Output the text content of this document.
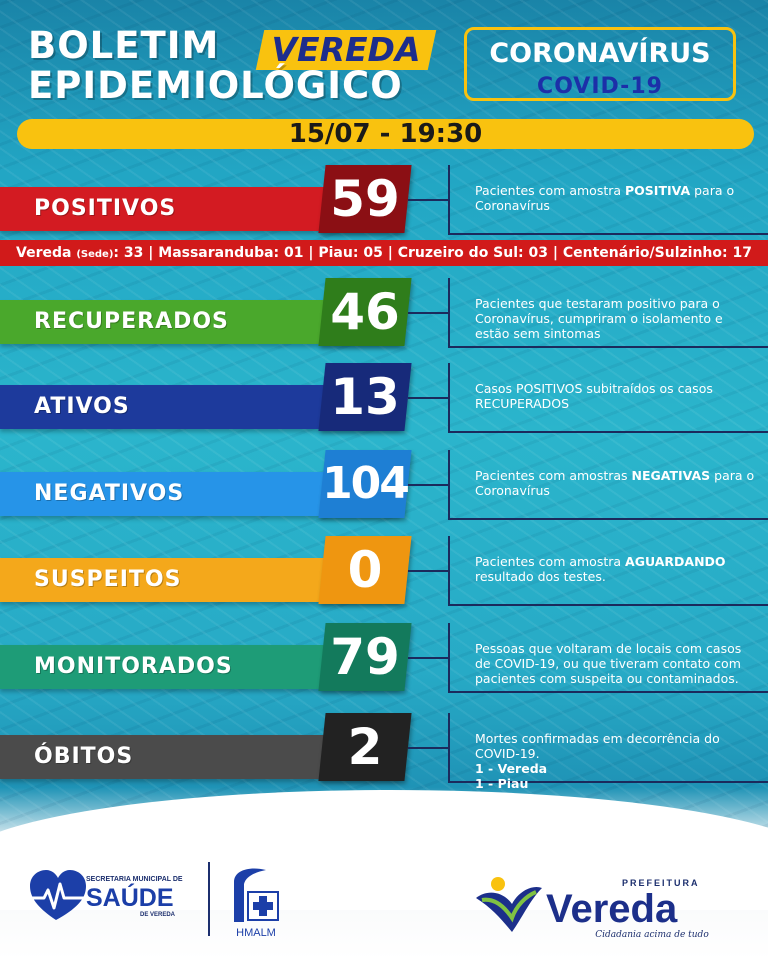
BOLETIM	VEREDA
EPIDEMIOLÓGICO
CORONAVÍRUS
COVID-19
15/07 - 19:30
POSITIVOS	59	Pacientes com amostra POSITIVA para o Coronavírus
RECUPERADOS 46	Pacientes que testaram positivo para o Coronavírus, cumpriram o isolamento e estão sem sintomas
ATIVOS	13	Casos POSITIVOS subitraídos os casos RECUPERADOS
NEGATIVOS	104	Pacientes com amostras NEGATIVAS para o Coronavírus
SUSPEITOS	0	Pacientes com amostra AGUARDANDO resultado dos testes.
MONITORADOS 79	Pessoas que voltaram de locais com casos de COVID-19, ou que tiveram contato com pacientes com suspeita ou contaminados.
ÓBITOS	2	Mortes confirmadas em decorrência do COVID-19.
1 - Vereda
1 - Piau
Vereda (Sede): 33 | Massaranduba: 01 | Piau: 05 | Cruzeiro do Sul: 03 | Centenário/Sulzinho: 17
SECRETARIA MUNICIPAL DE
SAÚDE
DE VEREDA
HMALM
PREFEITURA
Vereda
Cidadania acima de tudo
